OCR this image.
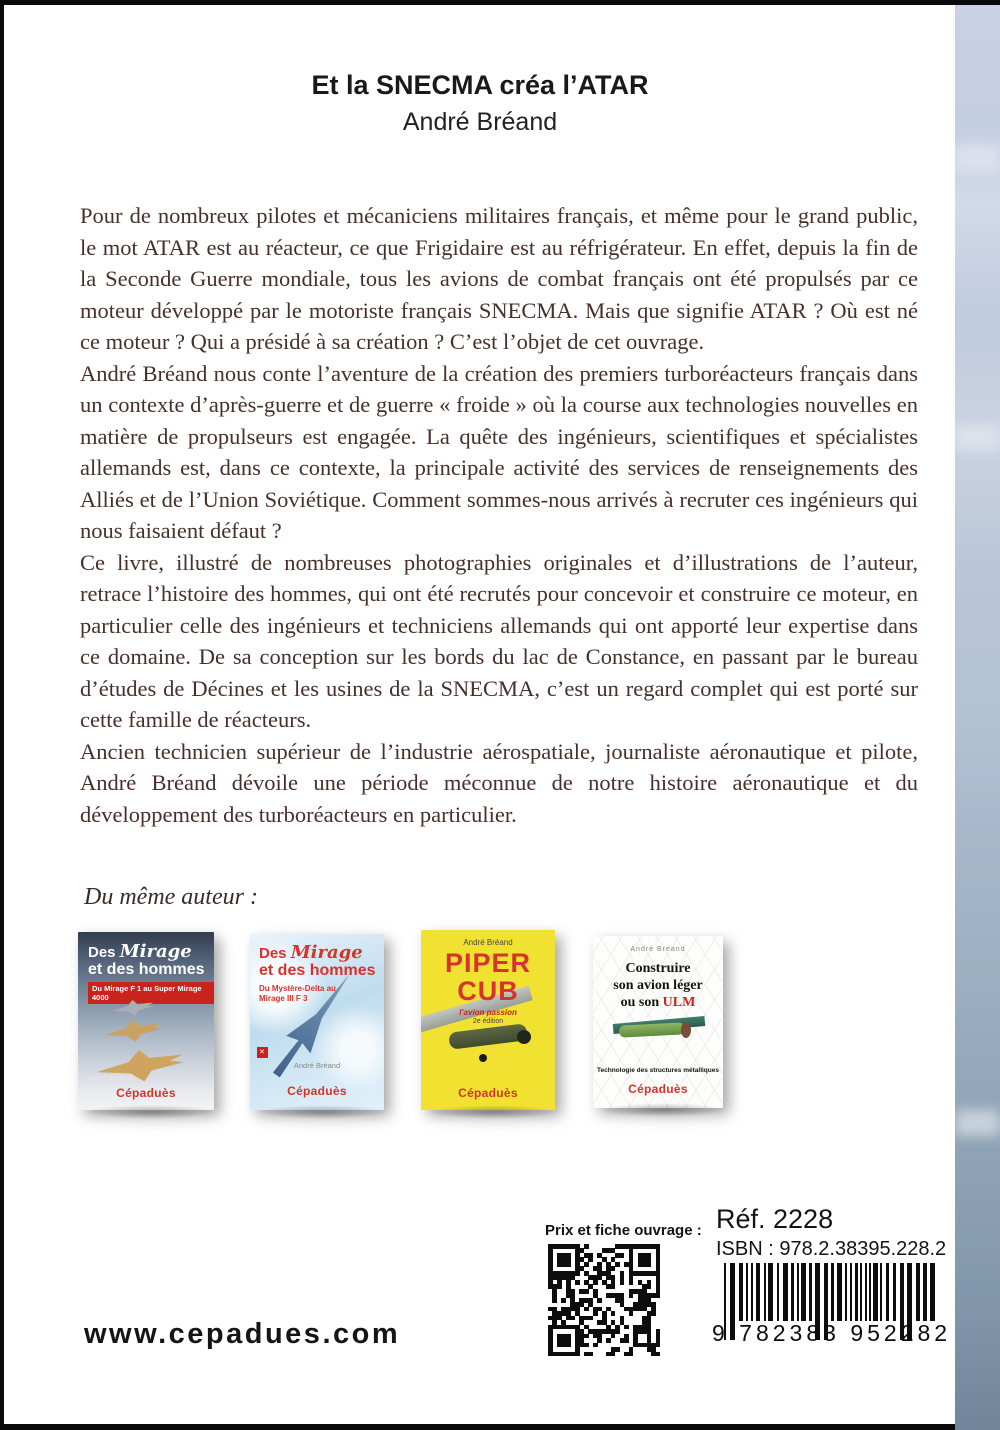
Et la SNECMA créa l’ATAR
André Bréand

Pour de nombreux pilotes et mécaniciens militaires français, et même pour le grand public, le mot ATAR est au réacteur, ce que Frigidaire est au réfrigérateur. En effet, depuis la fin de la Seconde Guerre mondiale, tous les avions de combat français ont été propulsés par ce moteur développé par le motoriste français SNECMA. Mais que signifie ATAR ? Où est né ce moteur ? Qui a présidé à sa création ? C’est l’objet de cet ouvrage.

André Bréand nous conte l’aventure de la création des premiers turboréacteurs français dans un contexte d’après-guerre et de guerre « froide » où la course aux technologies nouvelles en matière de propulseurs est engagée. La quête des ingénieurs, scientifiques et spécialistes allemands est, dans ce contexte, la principale activité des services de renseignements des Alliés et de l’Union Soviétique. Comment sommes-nous arrivés à recruter ces ingénieurs qui nous faisaient défaut ?

Ce livre, illustré de nombreuses photographies originales et d’illustrations de l’auteur, retrace l’histoire des hommes, qui ont été recrutés pour concevoir et construire ce moteur, en particulier celle des ingénieurs et techniciens allemands qui ont apporté leur expertise dans ce domaine. De sa conception sur les bords du lac de Constance, en passant par le bureau d’études de Décines et les usines de la SNECMA, c’est un regard complet qui est porté sur cette famille de réacteurs.

Ancien technicien supérieur de l’industrie aérospatiale, journaliste aéronautique et pilote, André Bréand dévoile une période méconnue de notre histoire aéronautique et du développement des turboréacteurs en particulier.

Du même auteur :
Des Mirage
et des hommes
Du Mirage F 1 au Super Mirage 4000
André Bréand
Cépaduès
Des Mirage
et des hommes
Du Mystère-Delta au Mirage III F 3
✕
André Bréand
Cépaduès
André Bréand
PIPER
CUB
l’avion passion
2e édition
Cépaduès
André Bréand
Construire
son avion léger
ou son ULM
Technologie des structures métalliques
Cépaduès
Prix et fiche ouvrage : Réf. 2228
ISBN : 978.2.38395.228.2
9 782383 952282
www.cepadues.com
